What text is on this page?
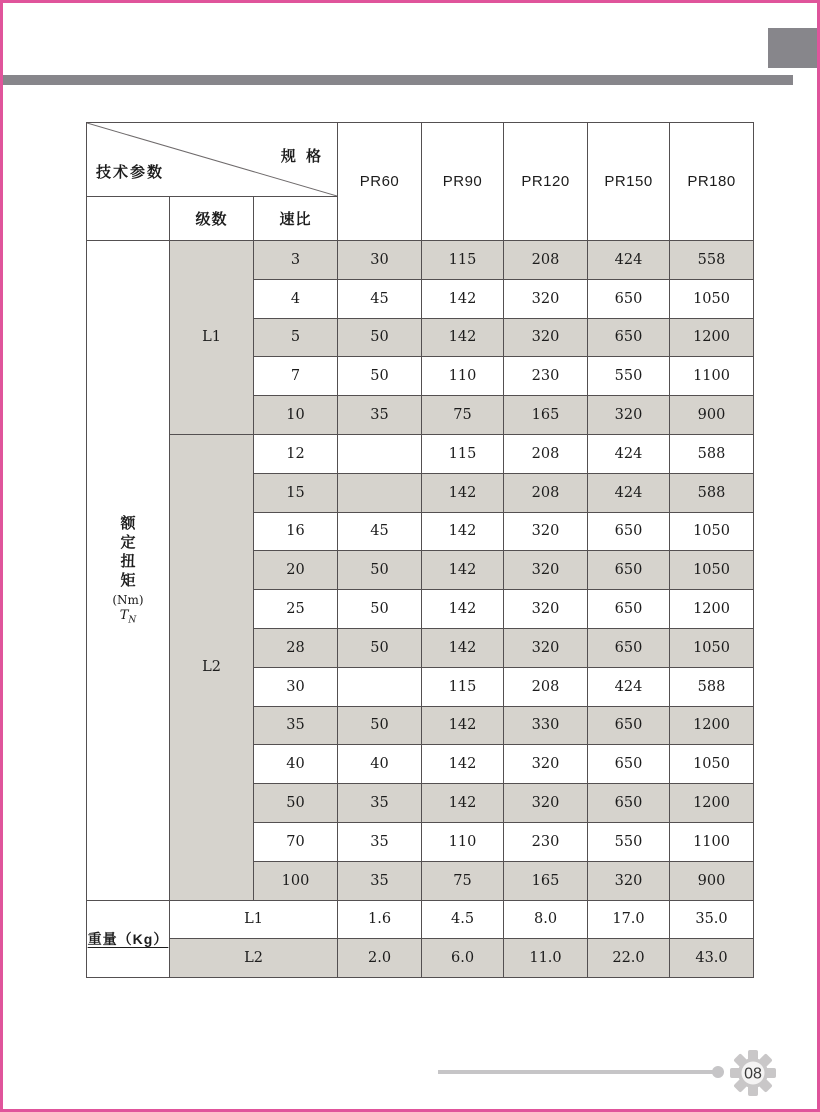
规 格
技术参数			PR60	PR90	PR120	PR150	PR180
	级数	速比					

额
定
扭
矩
(Nm)
$T_N$
	L1	3	30	115	208	424	558
		4	45	142	320	650	1050
		5	50	142	320	650	1200
		7	50	110	230	550	1100
		10	35	75	165	320	900
	L2	12		115	208	424	588
		15		142	208	424	588
		16	45	142	320	650	1050
		20	50	142	320	650	1050
		25	50	142	320	650	1200
		28	50	142	320	650	1050
		30		115	208	424	588
		35	50	142	330	650	1200
		40	40	142	320	650	1050
		50	35	142	320	650	1200
		70	35	110	230	550	1100
		100	35	75	165	320	900
重量（Kg）	L1		1.6	4.5	8.0	17.0	35.0
	L2		2.0	6.0	11.0	22.0	43.0
08
